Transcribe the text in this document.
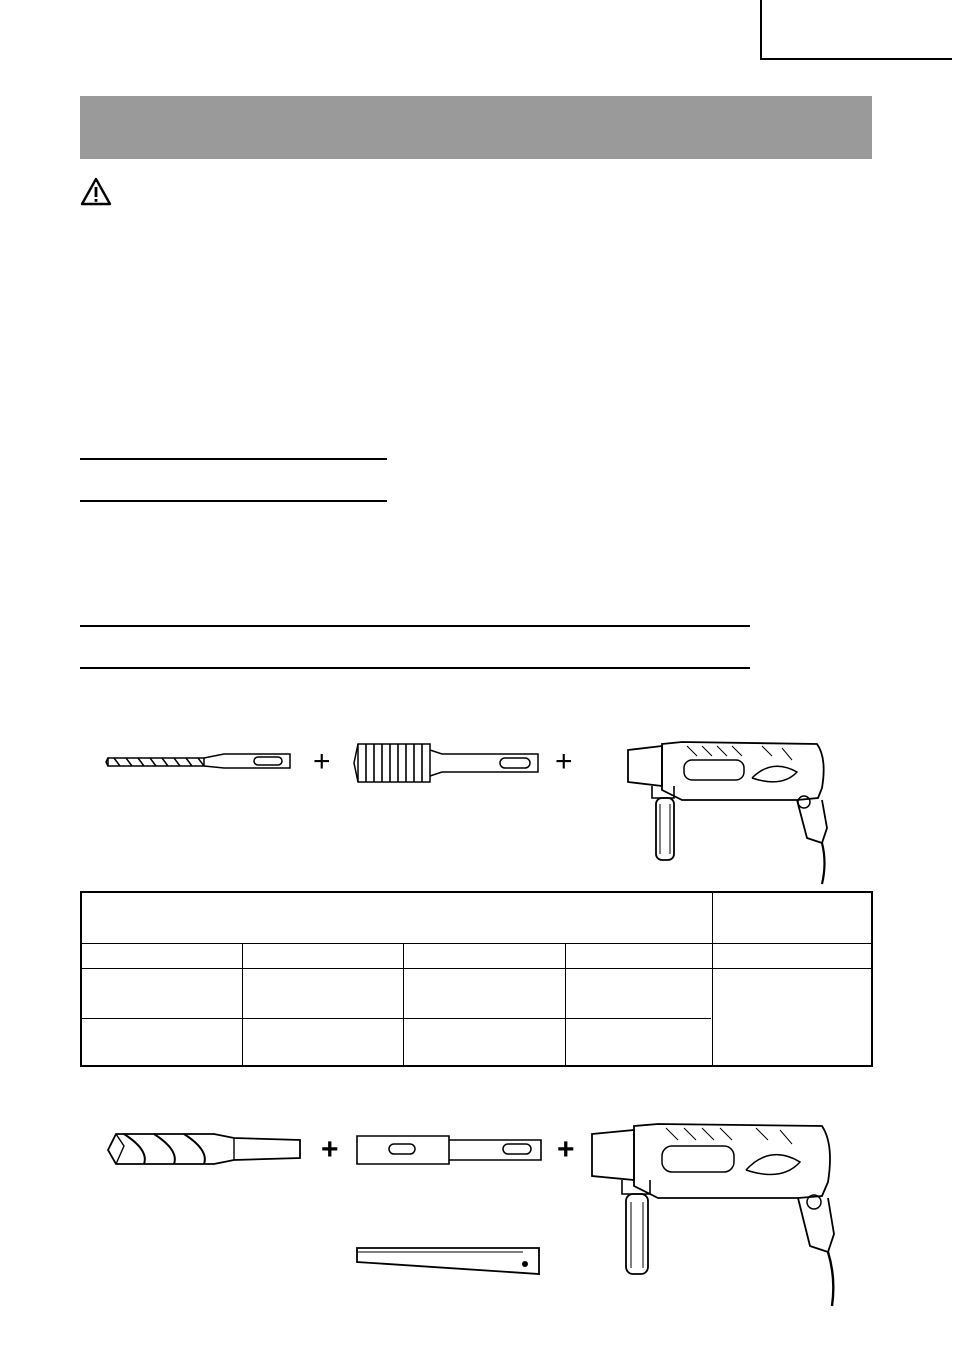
+	+
+	+
